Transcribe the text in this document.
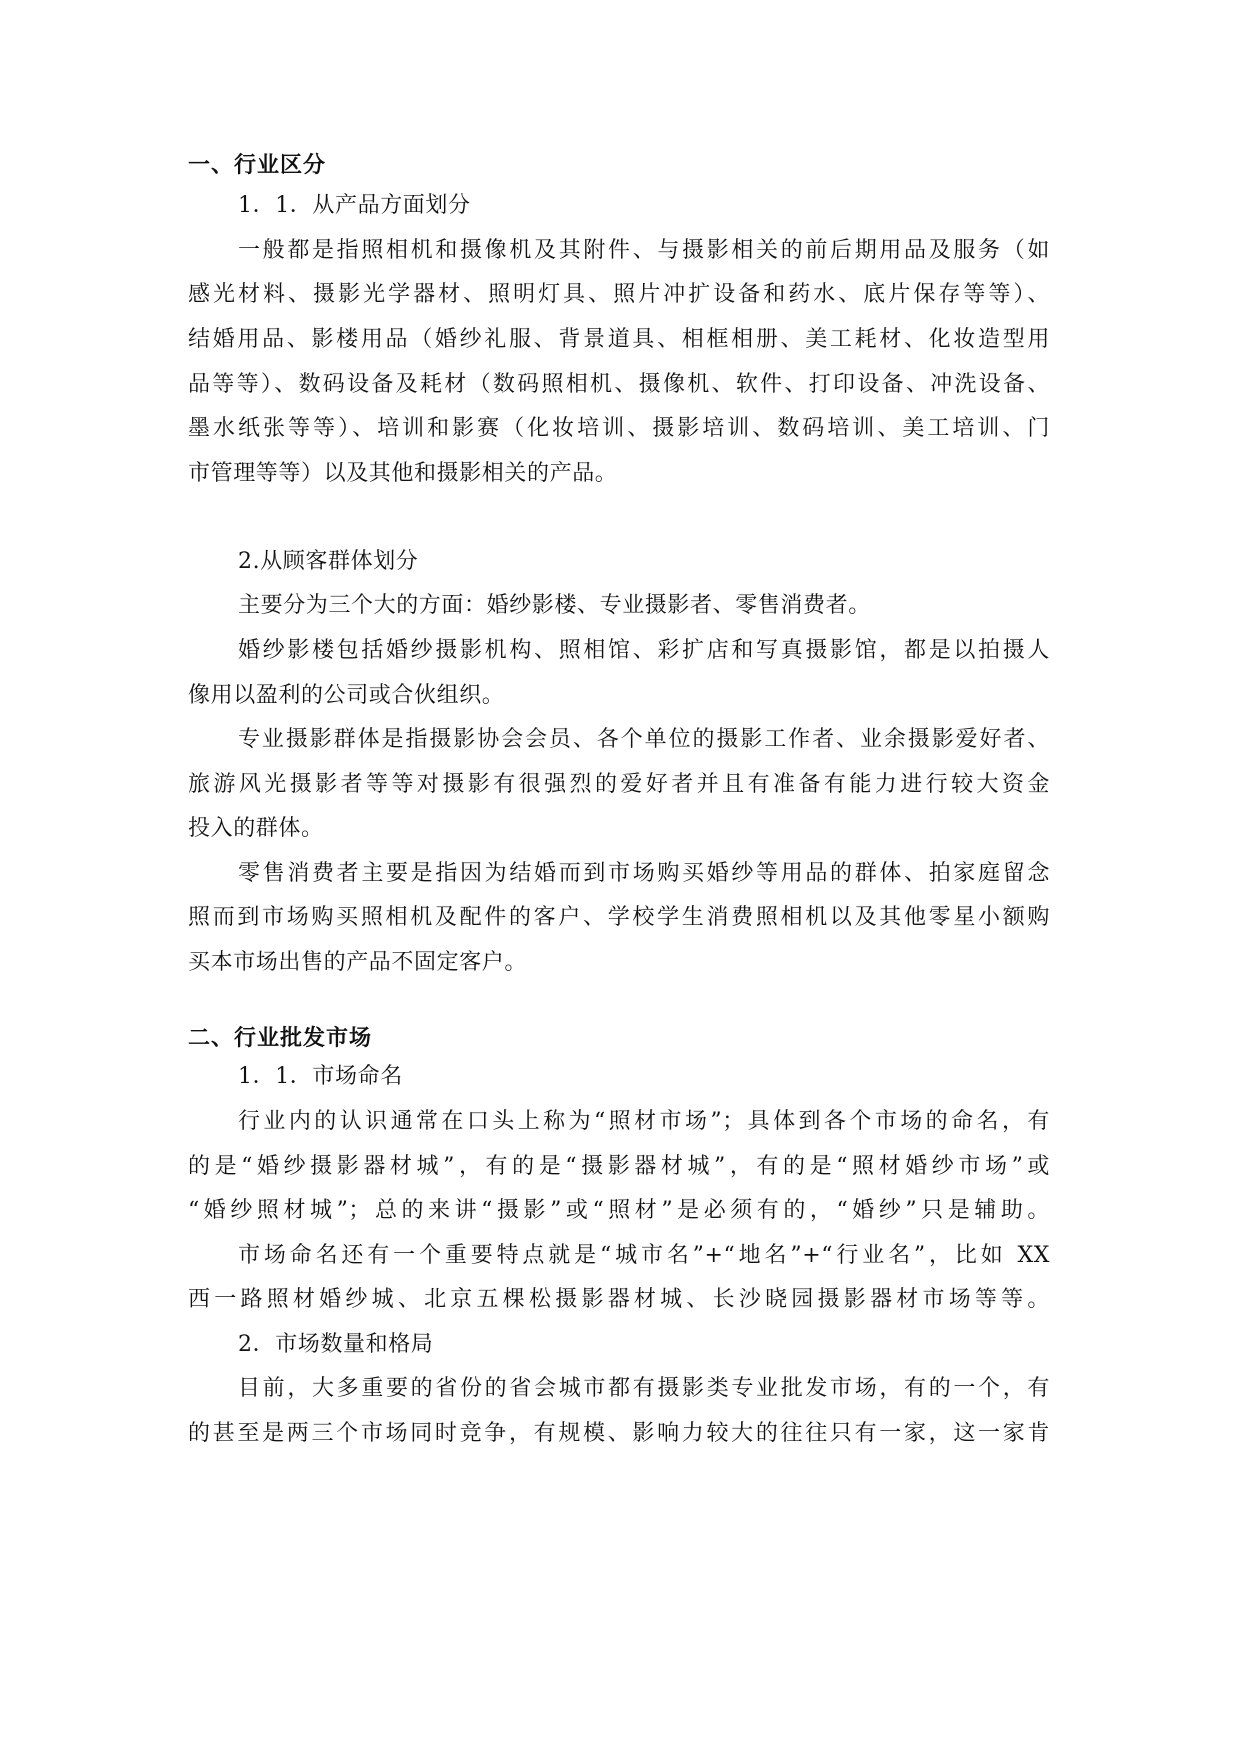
一、行业区分
1．1．从产品方面划分
一般都是指照相机和摄像机及其附件、与摄影相关的前后期用品及服务（如
感光材料、摄影光学器材、照明灯具、照片冲扩设备和药水、底片保存等等）、
结婚用品、影楼用品（婚纱礼服、背景道具、相框相册、美工耗材、化妆造型用
品等等）、数码设备及耗材（数码照相机、摄像机、软件、打印设备、冲洗设备、
墨水纸张等等）、培训和影赛（化妆培训、摄影培训、数码培训、美工培训、门
市管理等等）以及其他和摄影相关的产品。
2.从顾客群体划分
主要分为三个大的方面：婚纱影楼、专业摄影者、零售消费者。
婚纱影楼包括婚纱摄影机构、照相馆、彩扩店和写真摄影馆，都是以拍摄人
像用以盈利的公司或合伙组织。
专业摄影群体是指摄影协会会员、各个单位的摄影工作者、业余摄影爱好者、
旅游风光摄影者等等对摄影有很强烈的爱好者并且有准备有能力进行较大资金
投入的群体。
零售消费者主要是指因为结婚而到市场购买婚纱等用品的群体、拍家庭留念
照而到市场购买照相机及配件的客户、学校学生消费照相机以及其他零星小额购
买本市场出售的产品不固定客户。
二、行业批发市场
1．1．市场命名
行业内的认识通常在口头上称为“照材市场”；具体到各个市场的命名，有
的是“婚纱摄影器材城”，有的是“摄影器材城”，有的是“照材婚纱市场”或
“婚纱照材城”；总的来讲“摄影”或“照材”是必须有的，“婚纱”只是辅助。
市场命名还有一个重要特点就是“城市名”+“地名”+“行业名”，比如 XX
西一路照材婚纱城、北京五棵松摄影器材城、长沙晓园摄影器材市场等等。
2．市场数量和格局
目前，大多重要的省份的省会城市都有摄影类专业批发市场，有的一个，有
的甚至是两三个市场同时竞争，有规模、影响力较大的往往只有一家，这一家肯
